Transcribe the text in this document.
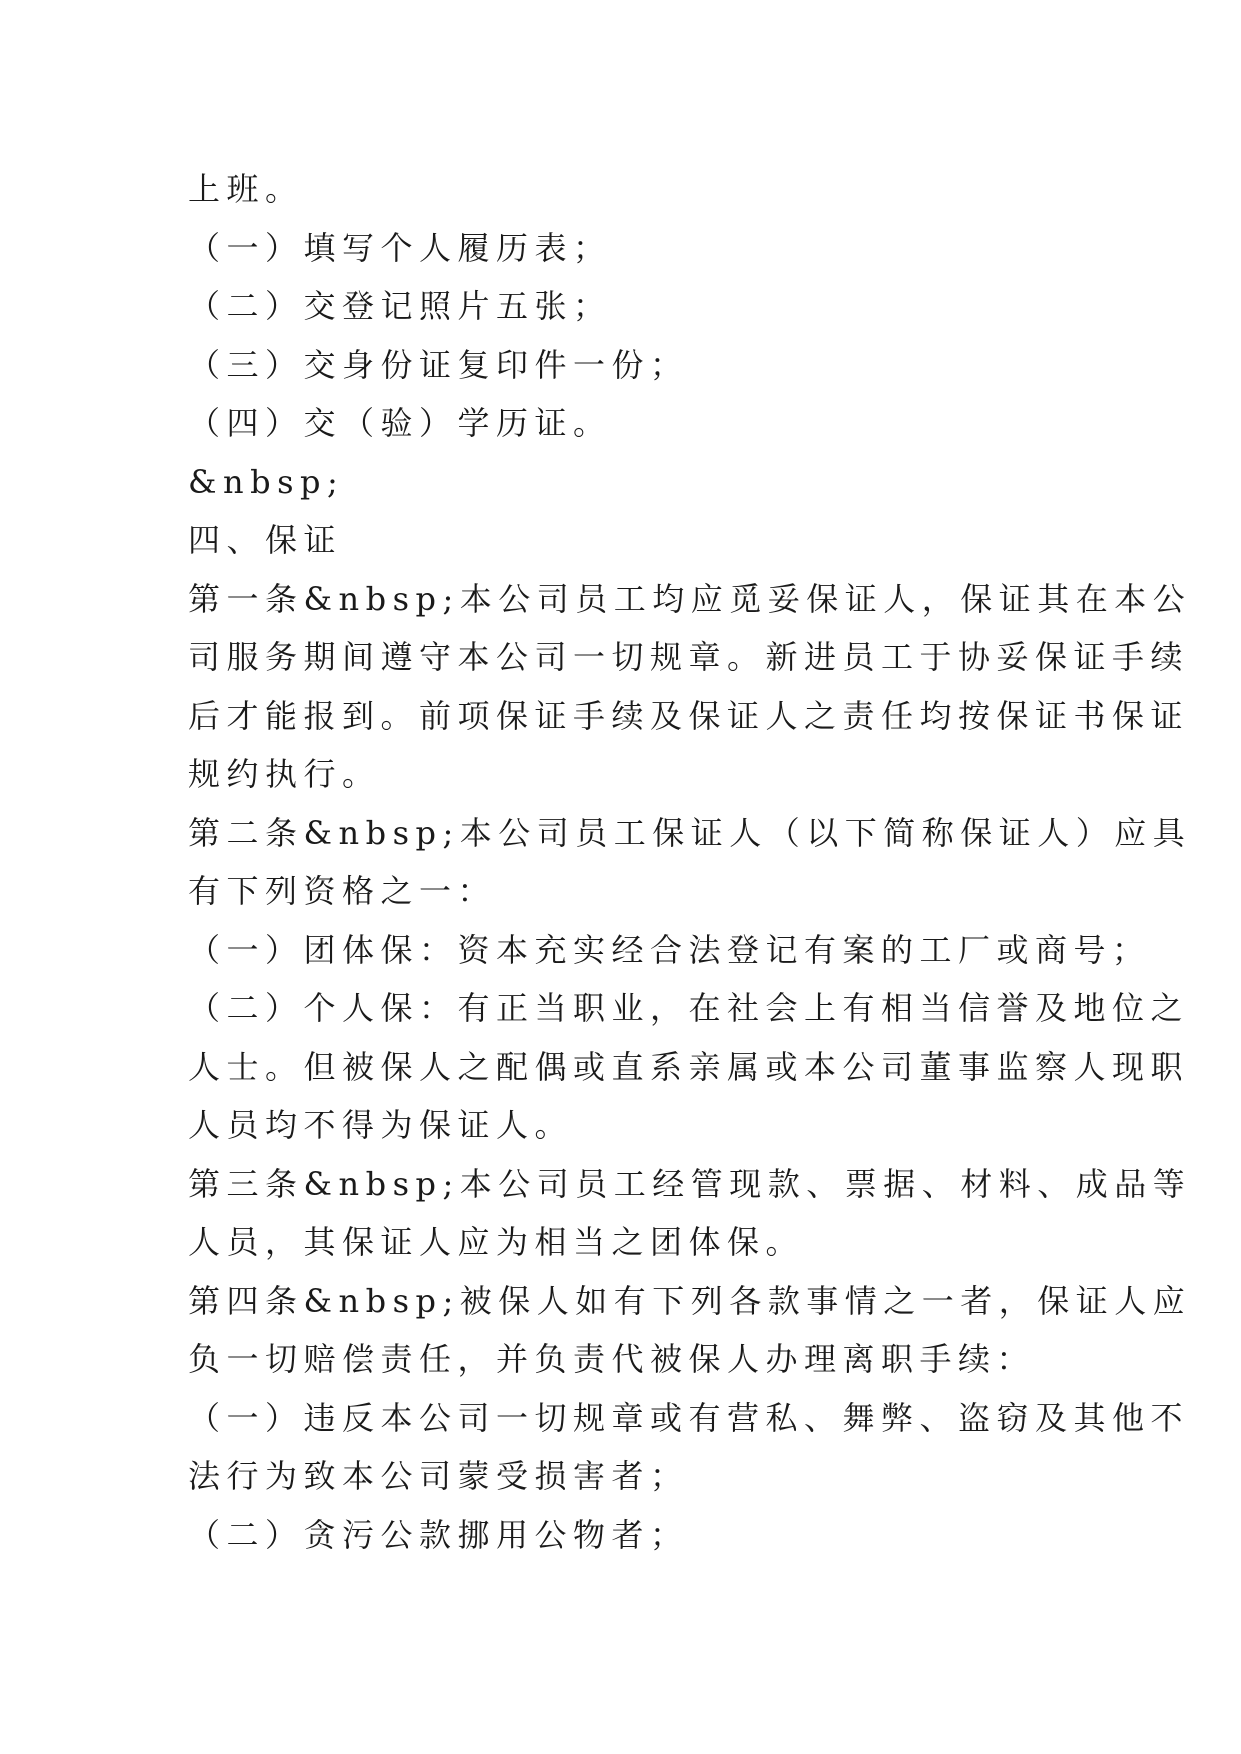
上班。
（一）填写个人履历表；
（二）交登记照片五张；
（三）交身份证复印件一份；
（四）交（验）学历证。
&nbsp;
四、保证
第一条&nbsp;本公司员工均应觅妥保证人，保证其在本公
司服务期间遵守本公司一切规章。新进员工于协妥保证手续
后才能报到。前项保证手续及保证人之责任均按保证书保证
规约执行。
第二条&nbsp;本公司员工保证人（以下简称保证人）应具
有下列资格之一：
（一）团体保：资本充实经合法登记有案的工厂或商号；
（二）个人保：有正当职业，在社会上有相当信誉及地位之
人士。但被保人之配偶或直系亲属或本公司董事监察人现职
人员均不得为保证人。
第三条&nbsp;本公司员工经管现款、票据、材料、成品等
人员，其保证人应为相当之团体保。
第四条&nbsp;被保人如有下列各款事情之一者，保证人应
负一切赔偿责任，并负责代被保人办理离职手续：
（一）违反本公司一切规章或有营私、舞弊、盗窃及其他不
法行为致本公司蒙受损害者；
（二）贪污公款挪用公物者；
